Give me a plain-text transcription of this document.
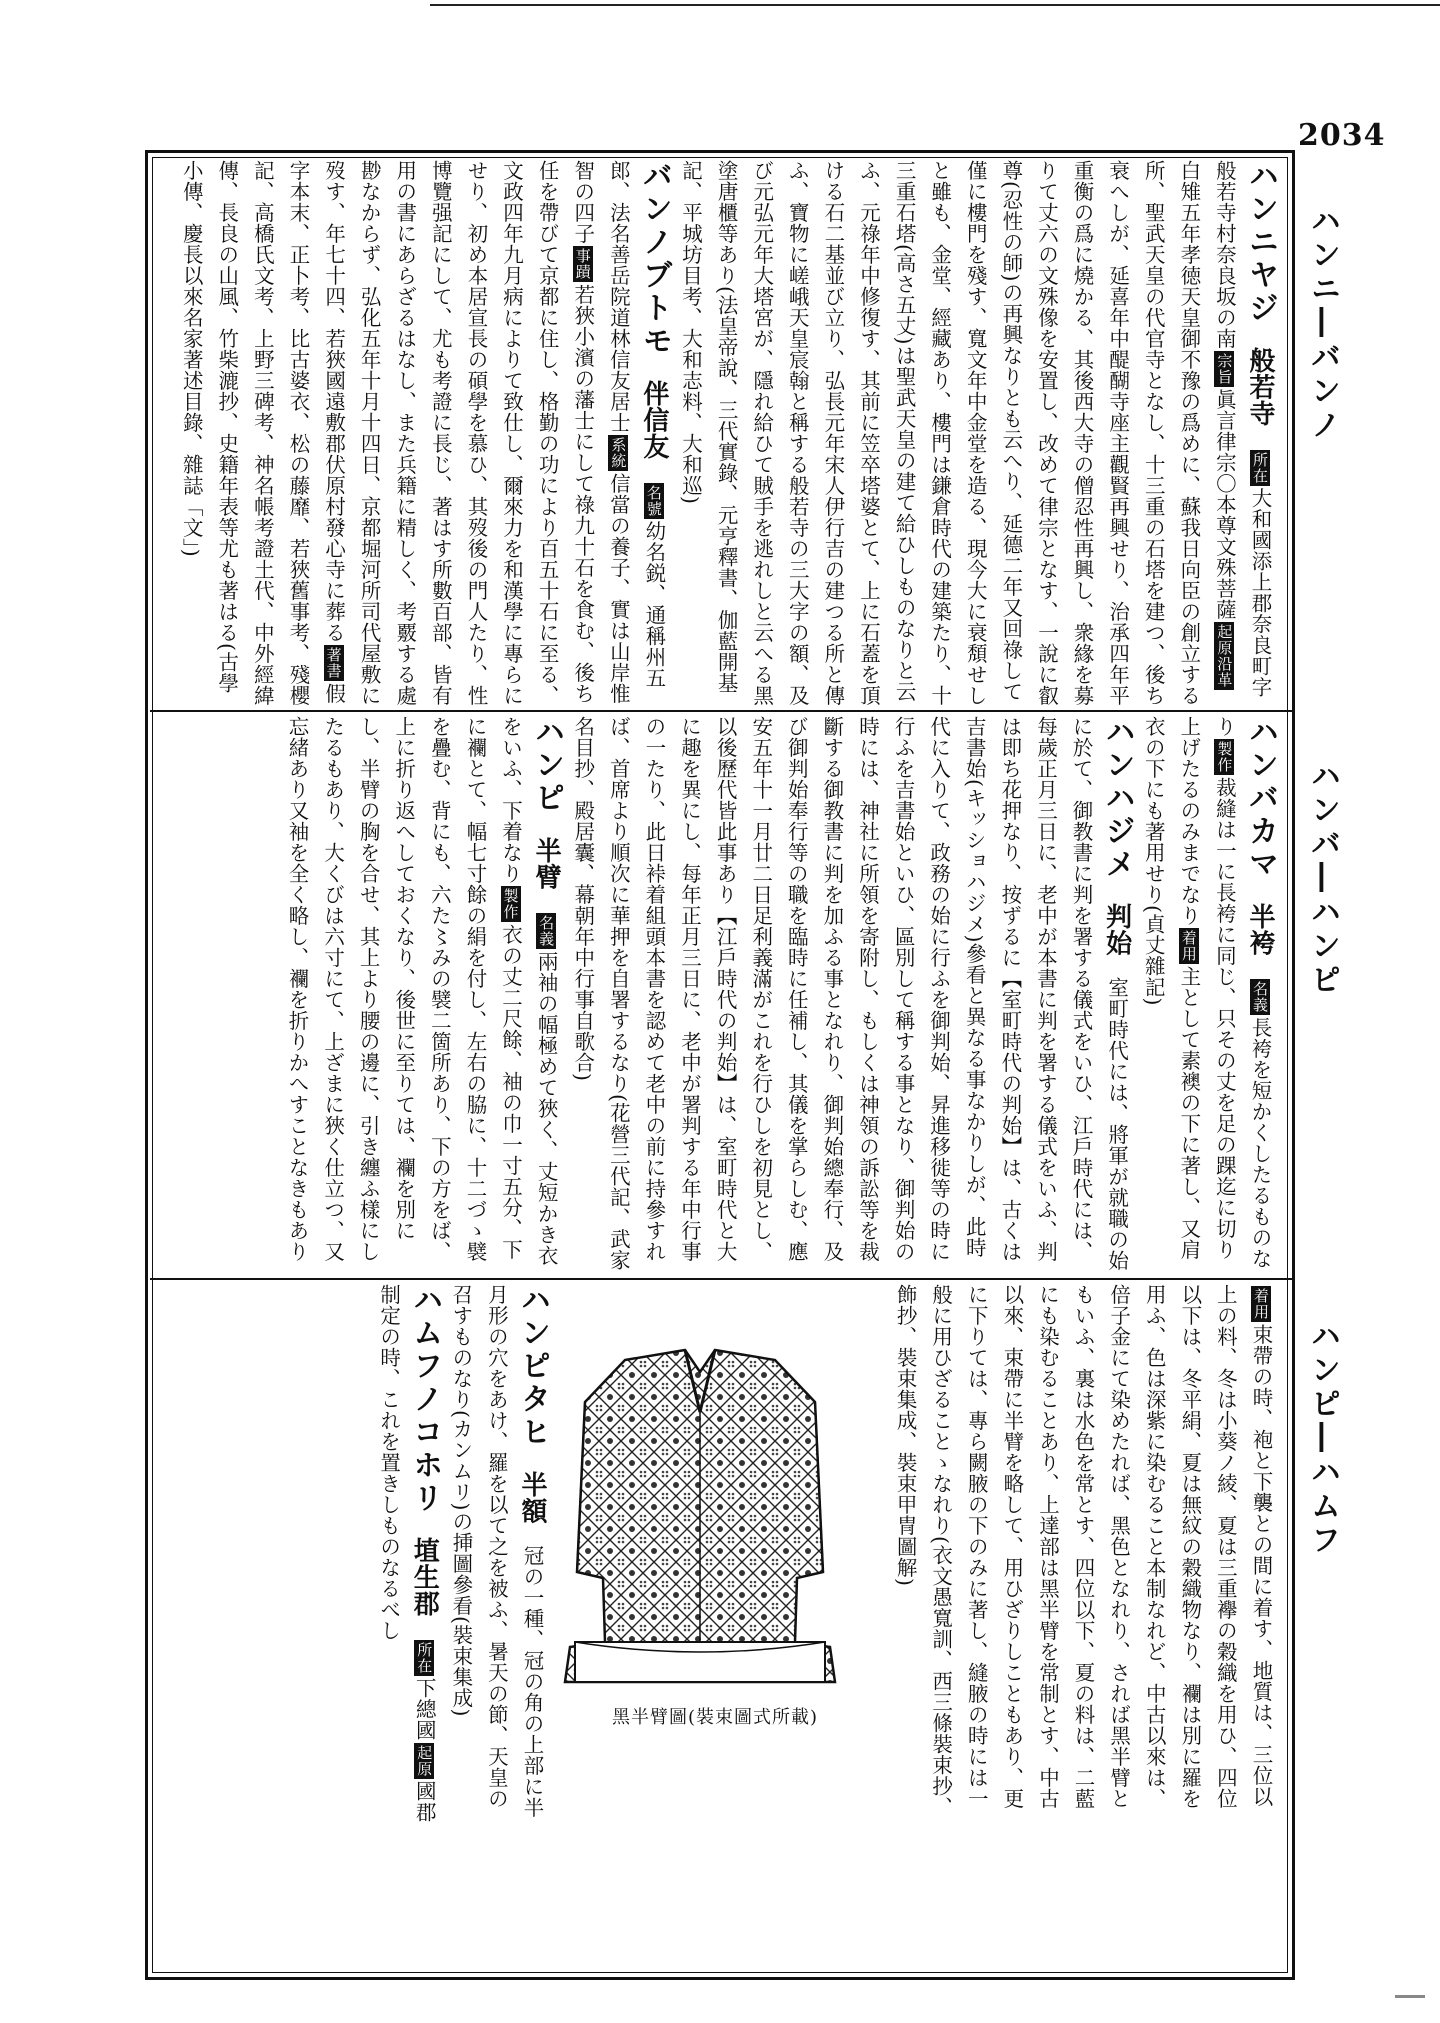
2034
ハンニ―バンノ
ハンバ―ハンピ
ハンピ―ハムフ
ハンニヤジ般若寺　所在大和國添上郡奈良町字般若寺村奈良坂の南宗旨眞言律宗〇本尊文殊菩薩起原沿革白雉五年孝徳天皇御不豫の爲めに、蘇我日向臣の創立する所、聖武天皇の代官寺となし、十三重の石塔を建つ、後ち衰へしが、延喜年中醍醐寺座主觀賢再興せり、治承四年平重衡の爲に燒かる、其後西大寺の僧忍性再興し、衆緣を募りて丈六の文殊像を安置し、改めて律宗となす、一說に叡尊(忍性の師)の再興なりとも云へり、延德二年又回祿して僅に樓門を殘す、寬文年中金堂を造る、現今大に衰頽せしと雖も、金堂、經藏あり、樓門は鎌倉時代の建築たり、十三重石塔(高さ五丈)は聖武天皇の建て給ひしものなりと云ふ、元祿年中修復す、其前に笠卒塔婆とて、上に石蓋を頂ける石二基並び立り、弘長元年宋人伊行吉の建つる所と傳ふ、寶物に嵯峨天皇宸翰と稱する般若寺の三大字の額、及び元弘元年大塔宮が、隱れ給ひて賊手を逃れしと云へる黑塗唐櫃等あり(法皇帝說、三代實錄、元亨釋書、伽藍開基記、平城坊目考、大和志料、大和巡)
バンノブトモ伴信友　名號幼名鋭、通稱州五郎、法名善岳院道林信友居士系統信當の養子、實は山岸惟智の四子事蹟若狹小濱の藩士にして祿九十石を食む、後ち任を帶びて京都に住し、格勤の功により百五十石に至る、文政四年九月病によりて致仕し、爾來力を和漢學に專らにせり、初め本居宣長の碩學を慕ひ、其歿後の門人たり、性博覽强記にして、尤も考證に長じ、著はす所數百部、皆有用の書にあらざるはなし、また兵籍に精しく、考覈する處尠なからず、弘化五年十月十四日、京都堀河所司代屋敷に歿す、年七十四、若狹國遠敷郡伏原村發心寺に葬る著書假字本末、正卜考、比古婆衣、松の藤靡、若狹舊事考、殘櫻記、高橋氏文考、上野三碑考、神名帳考證土代、中外經緯傳、長良の山風、竹柴漉抄、史籍年表等尤も著はる(古學小傳、慶長以來名家著述目錄、雜誌「文」)
ハンバカマ半袴　名義長袴を短かくしたるものなり製作裁縫は一に長袴に同じ、只その丈を足の踝迄に切り上げたるのみまでなり着用主として素襖の下に著し、又肩衣の下にも著用せり(貞丈雜記)
ハンハジメ判始　室町時代には、將軍が就職の始に於て、御教書に判を署する儀式をいひ、江戶時代には、每歲正月三日に、老中が本書に判を署する儀式をいふ、判は即ち花押なり、按ずるに【室町時代の判始】は、古くは吉書始(キッショハジメ)參看と異なる事なかりしが、此時代に入りて、政務の始に行ふを御判始、昇進移徙等の時に行ふを吉書始といひ、區別して稱する事となり、御判始の時には、神社に所領を寄附し、もしくは神領の訴訟等を裁斷する御教書に判を加ふる事となれり、御判始總奉行、及び御判始奉行等の職を臨時に任補し、其儀を掌らしむ、應安五年十一月廿二日足利義滿がこれを行ひしを初見とし、以後歷代皆此事あり【江戶時代の判始】は、室町時代と大に趣を異にし、每年正月三日に、老中が署判する年中行事の一たり、此日裃着組頭本書を認めて老中の前に持參すれば、首席より順次に華押を自署するなり(花營三代記、武家名目抄、殿居囊、幕朝年中行事自歌合)
ハンピ半臂　名義兩袖の幅極めて狹く、丈短かき衣をいふ、下着なり製作衣の丈二尺餘、袖の巾一寸五分、下に襴とて、幅七寸餘の絹を付し、左右の脇に、十二づゝ襞を疊む、背にも、六た〻みの襞二箇所あり、下の方をば、上に折り返へしておくなり、後世に至りては、襴を別にし、半臂の胸を合せ、其上より腰の邊に、引き纏ふ樣にしたるもあり、大くびは六寸にて、上ざまに狹く仕立つ、又忘緒あり又袖を全く略し、襴を折りかへすことなきもあり
着用束帶の時、袍と下襲との間に着す、地質は、三位以上の料、冬は小葵ノ綾、夏は三重襷の穀織を用ひ、四位以下は、冬平絹、夏は無紋の穀織物なり、襴は別に羅を用ふ、色は深紫に染むること本制なれど、中古以來は、倍子金にて染めたれば、黑色となれり、されば黑半臂ともいふ、裏は水色を常とす、四位以下、夏の料は、二藍にも染むることあり、上達部は黑半臂を常制とす、中古以來、束帶に半臂を略して、用ひざりしこともあり、更に下りては、專ら闕腋の下のみに著し、縫腋の時には一般に用ひざることゝなれり(衣文愚寬訓、西三條裝束抄、飾抄、裝束集成、裝束甲冑圖解)
黑半臂圖(裝束圖式所載)
ハンピタヒ半額　冠の一種、冠の角の上部に半月形の穴をあけ、羅を以て之を被ふ、暑天の節、天皇の召すものなり(カンムリ)の挿圖參看(裝束集成)
ハムフノコホリ埴生郡　所在下總國起原國郡制定の時、これを置きしものなるべし
